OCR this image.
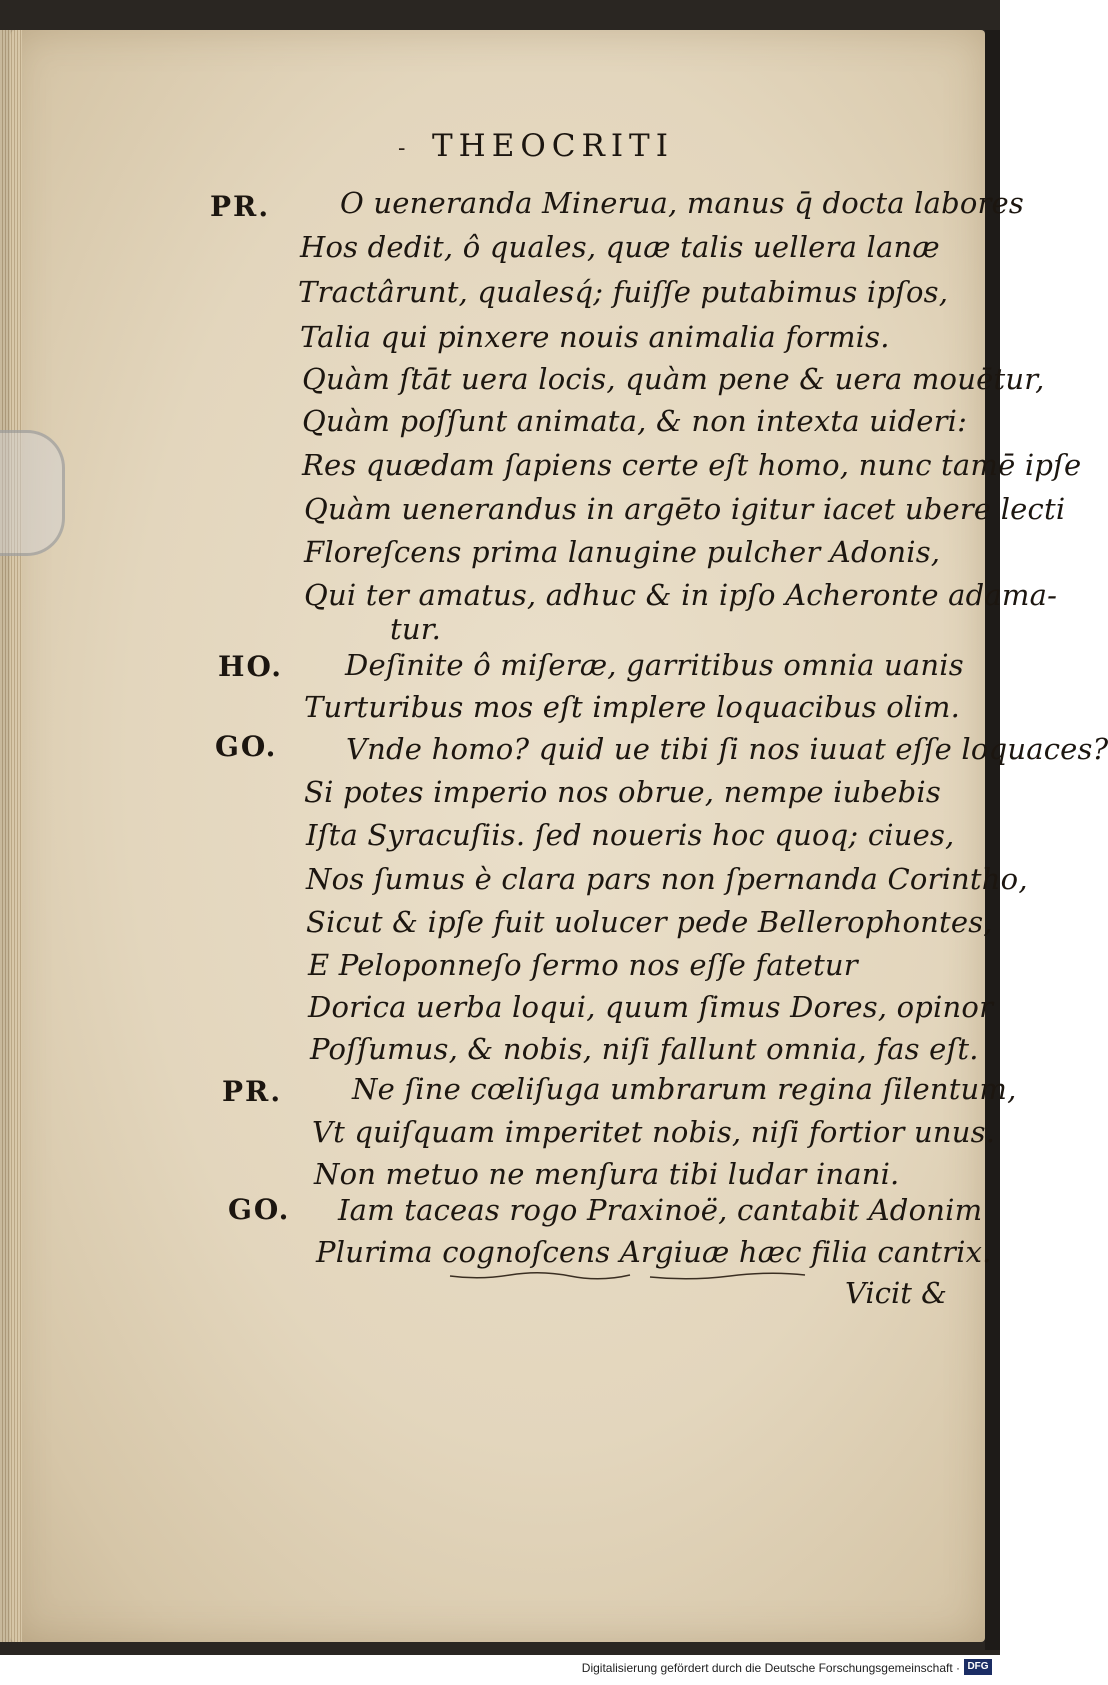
- THEOCRITI
PR.
HO.
GO.
PR.
GO.
O ueneranda Minerua, manus q̄ docta labores
Hos dedit, ô quales, quæ talis uellera lanæ
Tractârunt, qualesq́; fuiſſe putabimus ipſos,
Talia qui pinxere nouis animalia formis.
Quàm ſtāt uera locis, quàm pene & uera mouētur,
Quàm poſſunt animata, & non intexta uideri:
Res quædam ſapiens certe eſt homo, nunc tamē ipſe
Quàm uenerandus in argēto igitur iacet ubere lecti
Floreſcens prima lanugine pulcher Adonis,
Qui ter amatus, adhuc & in ipſo Acheronte adama-
tur.
Deſinite ô miſeræ, garritibus omnia uanis
Turturibus mos eſt implere loquacibus olim.
Vnde homo? quid ue tibi ſi nos iuuat eſſe loquaces?
Si potes imperio nos obrue, nempe iubebis
Iſta Syracuſiis. ſed noueris hoc quoq; ciues,
Nos ſumus è clara pars non ſpernanda Corintho,
Sicut & ipſe fuit uolucer pede Bellerophontes,
E Peloponneſo ſermo nos eſſe fatetur
Dorica uerba loqui, quum ſimus Dores, opinor
Poſſumus, & nobis, niſi fallunt omnia, fas eſt.
Ne ſine cœliſuga umbrarum regina ſilentum,
Vt quiſquam imperitet nobis, niſi fortior unus.
Non metuo ne menſura tibi ludar inani.
Iam taceas rogo Praxinoë, cantabit Adonim
Plurima cognoſcens Argiuæ hæc filia cantrix.
Vicit &
Digitalisierung gefördert durch die Deutsche Forschungsgemeinschaft · DFG
